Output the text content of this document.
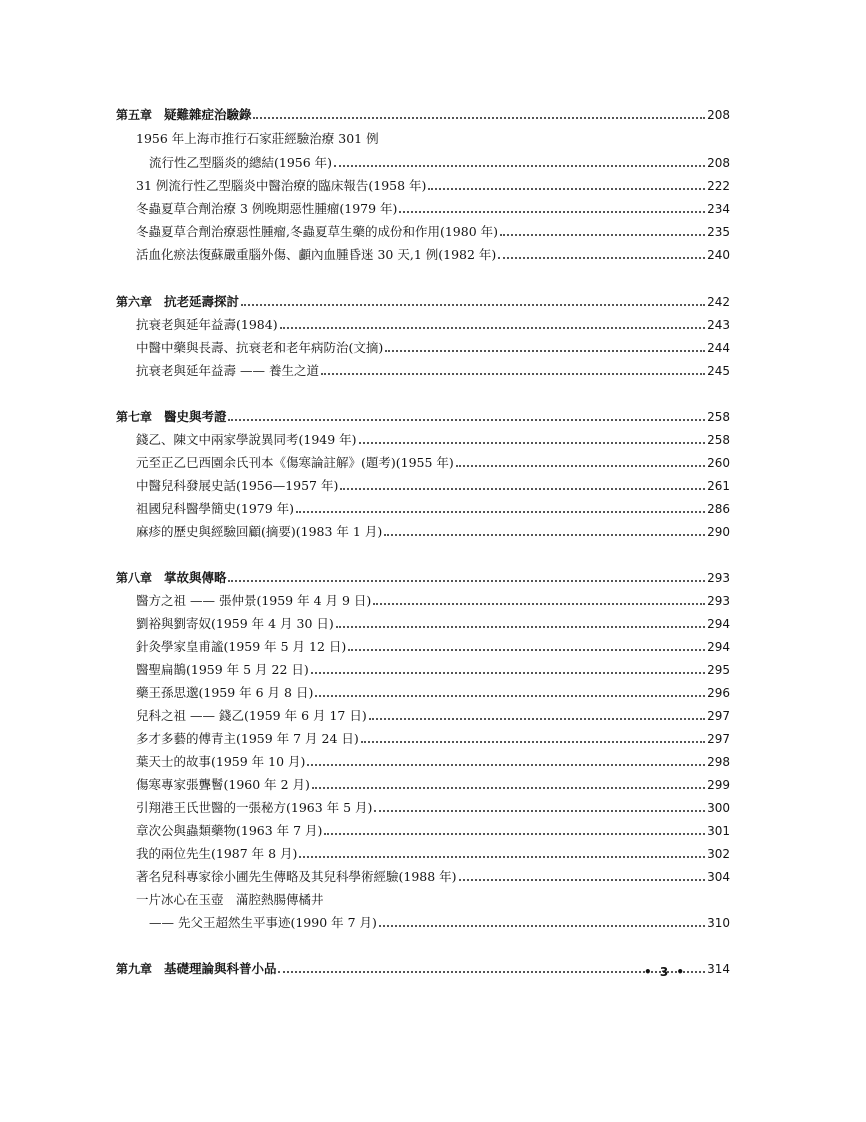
第五章 疑難雜症治驗錄	208
1956 年上海市推行石家莊經驗治療 301 例
流行性乙型腦炎的總結(1956 年)	208
31 例流行性乙型腦炎中醫治療的臨床報告(1958 年)	222
冬蟲夏草合劑治療 3 例晚期惡性腫瘤(1979 年)	234
冬蟲夏草合劑治療惡性腫瘤,冬蟲夏草生藥的成份和作用(1980 年)	235
活血化瘀法復蘇嚴重腦外傷、顱內血腫昏迷 30 天,1 例(1982 年)	240
第六章 抗老延壽探討	242
抗衰老與延年益壽(1984)	243
中醫中藥與長壽、抗衰老和老年病防治(文摘)	244
抗衰老與延年益壽 —— 養生之道	245
第七章 醫史與考證	258
錢乙、陳文中兩家學說異同考(1949 年)	258
元至正乙巳西園余氏刊本《傷寒論註解》(題考)(1955 年)	260
中醫兒科發展史話(1956—1957 年)	261
祖國兒科醫學簡史(1979 年)	286
麻疹的歷史與經驗回顧(摘要)(1983 年 1 月)	290
第八章 掌故與傳略	293
醫方之祖 —— 張仲景(1959 年 4 月 9 日)	293
劉裕與劉寄奴(1959 年 4 月 30 日)	294
針灸學家皇甫謐(1959 年 5 月 12 日)	294
醫聖扁鵲(1959 年 5 月 22 日)	295
藥王孫思邈(1959 年 6 月 8 日)	296
兒科之祖 —— 錢乙(1959 年 6 月 17 日)	297
多才多藝的傅青主(1959 年 7 月 24 日)	297
葉天士的故事(1959 年 10 月)	298
傷寒專家張聾鬙(1960 年 2 月)	299
引翔港王氏世醫的一張秘方(1963 年 5 月)	300
章次公與蟲類藥物(1963 年 7 月)	301
我的兩位先生(1987 年 8 月)	302
著名兒科專家徐小圃先生傳略及其兒科學術經驗(1988 年)	304
一片冰心在玉壺　滿腔熱腸傳橘井
—— 先父王超然生平事迹(1990 年 7 月)	310
第九章 基礎理論與科普小品	314
• 3 •
